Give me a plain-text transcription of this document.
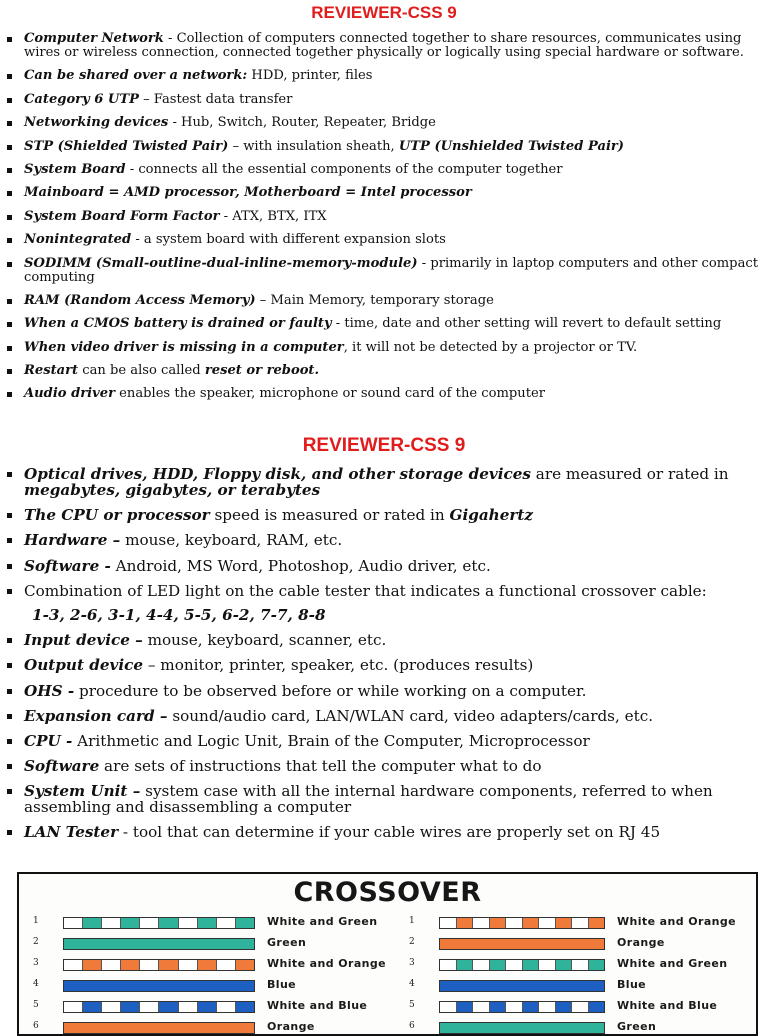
REVIEWER-CSS 9
Computer Network - Collection of computers connected together to share resources, communicates using wires or wireless connection, connected together physically or logically using special hardware or software.
Can be shared over a network: HDD, printer, files
Category 6 UTP – Fastest data transfer
Networking devices - Hub, Switch, Router, Repeater, Bridge
STP (Shielded Twisted Pair) – with insulation sheath, UTP (Unshielded Twisted Pair)
System Board - connects all the essential components of the computer together
Mainboard = AMD processor, Motherboard = Intel processor
System Board Form Factor - ATX, BTX, ITX
Nonintegrated - a system board with different expansion slots
SODIMM (Small-outline-dual-inline-memory-module) - primarily in laptop computers and other compact computing
RAM (Random Access Memory) – Main Memory, temporary storage
When a CMOS battery is drained or faulty - time, date and other setting will revert to default setting
When video driver is missing in a computer, it will not be detected by a projector or TV.
Restart can be also called reset or reboot.
Audio driver enables the speaker, microphone or sound card of the computer
REVIEWER-CSS 9
Optical drives, HDD, Floppy disk, and other storage devices are measured or rated in megabytes, gigabytes, or terabytes
The CPU or processor speed is measured or rated in Gigahertz
Hardware – mouse, keyboard, RAM, etc.
Software - Android, MS Word, Photoshop, Audio driver, etc.
Combination of LED light on the cable tester that indicates a functional crossover cable:
1-3, 2-6, 3-1, 4-4, 5-5, 6-2, 7-7, 8-8
Input device – mouse, keyboard, scanner, etc.
Output device – monitor, printer, speaker, etc. (produces results)
OHS - procedure to be observed before or while working on a computer.
Expansion card – sound/audio card, LAN/WLAN card, video adapters/cards, etc.
CPU - Arithmetic and Logic Unit, Brain of the Computer, Microprocessor
Software are sets of instructions that tell the computer what to do
System Unit – system case with all the internal hardware components, referred to when assembling and disassembling a computer
LAN Tester - tool that can determine if your cable wires are properly set on RJ 45
CROSSOVER
1	White and Green
2	Green
3	White and Orange
4	Blue
5	White and Blue
6	Orange
1	White and Orange
2	Orange
3	White and Green
4	Blue
5	White and Blue
6	Green
